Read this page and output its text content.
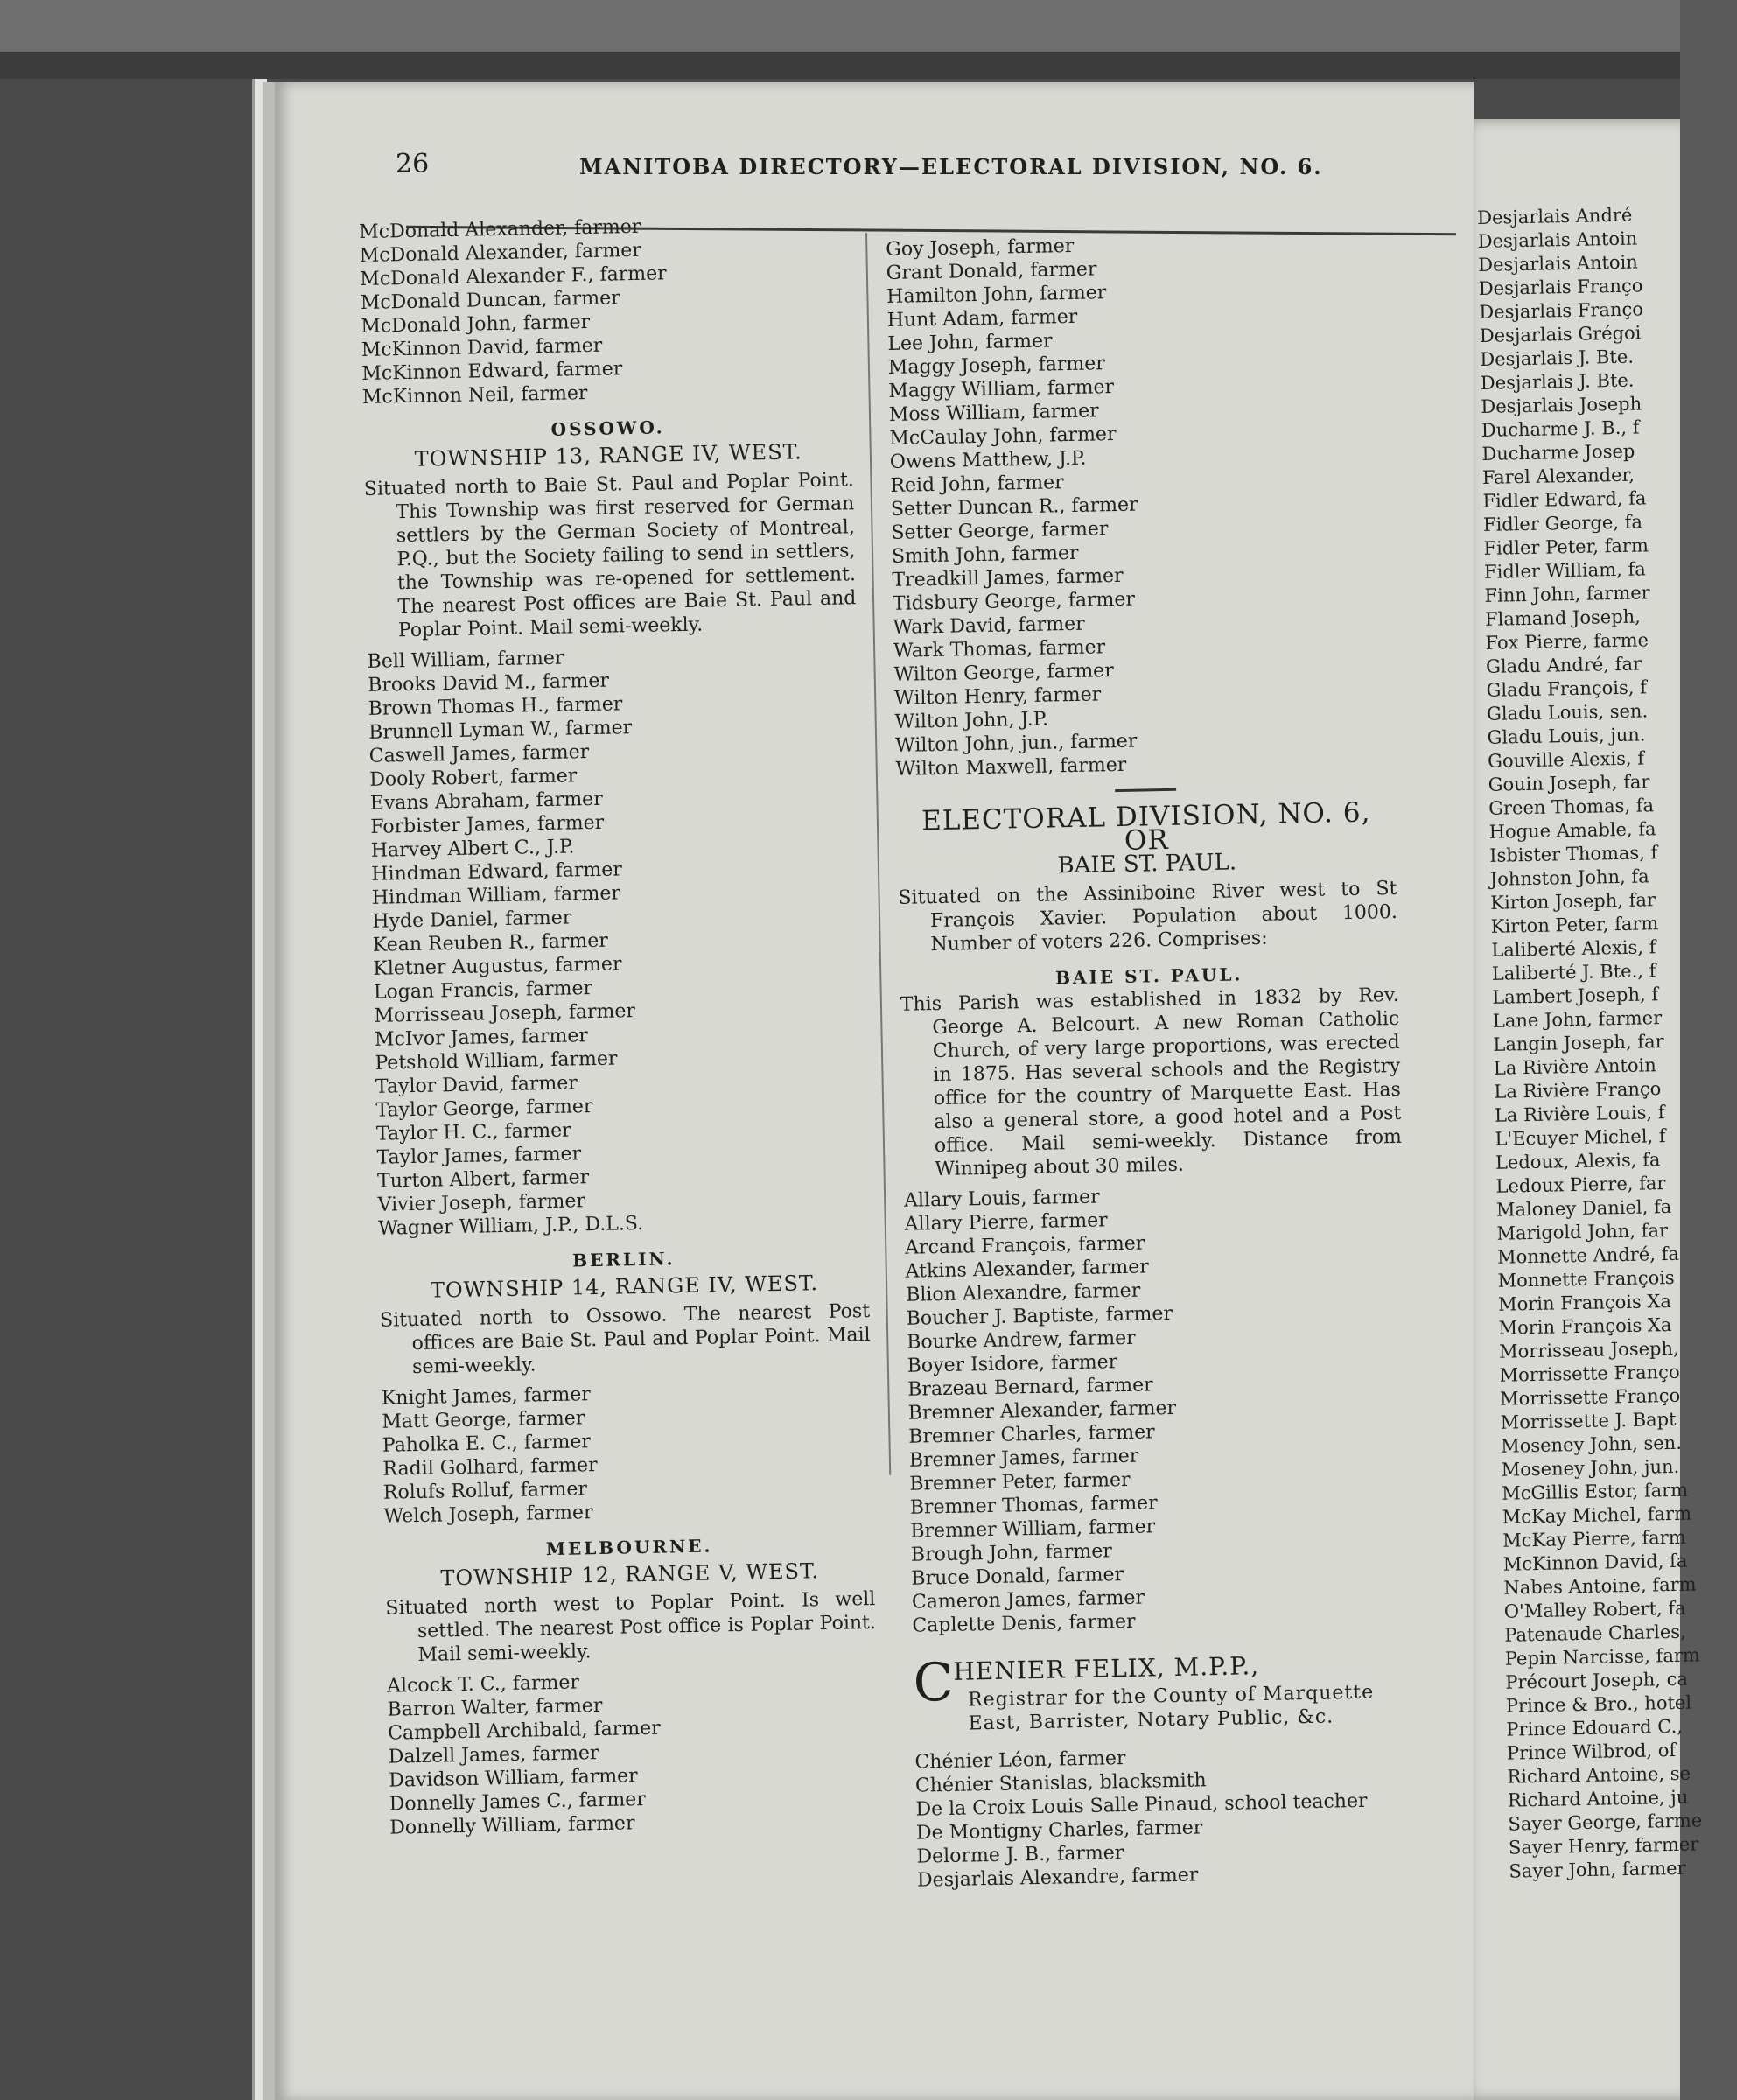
Desjarlais André
Desjarlais Antoin
Desjarlais Antoin
Desjarlais Franço
Desjarlais Franço
Desjarlais Grégoi
Desjarlais J. Bte.
Desjarlais J. Bte.
Desjarlais Joseph
Ducharme J. B., f
Ducharme Josep
Farel Alexander,
Fidler Edward, fa
Fidler George, fa
Fidler Peter, farm
Fidler William, fa
Finn John, farmer
Flamand Joseph,
Fox Pierre, farme
Gladu André, far
Gladu François, f
Gladu Louis, sen.
Gladu Louis, jun.
Gouville Alexis, f
Gouin Joseph, far
Green Thomas, fa
Hogue Amable, fa
Isbister Thomas, f
Johnston John, fa
Kirton Joseph, far
Kirton Peter, farm
Laliberté Alexis, f
Laliberté J. Bte., f
Lambert Joseph, f
Lane John, farmer
Langin Joseph, far
La Rivière Antoin
La Rivière Franço
La Rivière Louis, f
L'Ecuyer Michel, f
Ledoux, Alexis, fa
Ledoux Pierre, far
Maloney Daniel, fa
Marigold John, far
Monnette André, fa
Monnette François
Morin François Xa
Morin François Xa
Morrisseau Joseph,
Morrissette Franço
Morrissette Franço
Morrissette J. Bapt
Moseney John, sen.
Moseney John, jun.
McGillis Estor, farm
McKay Michel, farm
McKay Pierre, farm
McKinnon David, fa
Nabes Antoine, farm
O'Malley Robert, fa
Patenaude Charles,
Pepin Narcisse, farm
Précourt Joseph, ca
Prince & Bro., hotel
Prince Edouard C.,
Prince Wilbrod, of
Richard Antoine, se
Richard Antoine, ju
Sayer George, farme
Sayer Henry, farmer
Sayer John, farmer
26	MANITOBA DIRECTORY—ELECTORAL DIVISION, NO. 6.
McDonald Alexander, farmer
McDonald Alexander, farmer
McDonald Alexander F., farmer
McDonald Duncan, farmer
McDonald John, farmer
McKinnon David, farmer
McKinnon Edward, farmer
McKinnon Neil, farmer
OSSOWO.
TOWNSHIP 13, RANGE IV, WEST.
Situated north to Baie St. Paul and Poplar Point. This Township was first reserved for German settlers by the German Society of Montreal, P.Q., but the Society failing to send in settlers, the Township was re-opened for settlement. The nearest Post offices are Baie St. Paul and Poplar Point. Mail semi-weekly.
Bell William, farmer
Brooks David M., farmer
Brown Thomas H., farmer
Brunnell Lyman W., farmer
Caswell James, farmer
Dooly Robert, farmer
Evans Abraham, farmer
Forbister James, farmer
Harvey Albert C., J.P.
Hindman Edward, farmer
Hindman William, farmer
Hyde Daniel, farmer
Kean Reuben R., farmer
Kletner Augustus, farmer
Logan Francis, farmer
Morrisseau Joseph, farmer
McIvor James, farmer
Petshold William, farmer
Taylor David, farmer
Taylor George, farmer
Taylor H. C., farmer
Taylor James, farmer
Turton Albert, farmer
Vivier Joseph, farmer
Wagner William, J.P., D.L.S.
BERLIN.
TOWNSHIP 14, RANGE IV, WEST.
Situated north to Ossowo. The nearest Post offices are Baie St. Paul and Poplar Point. Mail semi-weekly.
Knight James, farmer
Matt George, farmer
Paholka E. C., farmer
Radil Golhard, farmer
Rolufs Rolluf, farmer
Welch Joseph, farmer
MELBOURNE.
TOWNSHIP 12, RANGE V, WEST.
Situated north west to Poplar Point. Is well settled. The nearest Post office is Poplar Point. Mail semi-weekly.
Alcock T. C., farmer
Barron Walter, farmer
Campbell Archibald, farmer
Dalzell James, farmer
Davidson William, farmer
Donnelly James C., farmer
Donnelly William, farmer
Goy Joseph, farmer
Grant Donald, farmer
Hamilton John, farmer
Hunt Adam, farmer
Lee John, farmer
Maggy Joseph, farmer
Maggy William, farmer
Moss William, farmer
McCaulay John, farmer
Owens Matthew, J.P.
Reid John, farmer
Setter Duncan R., farmer
Setter George, farmer
Smith John, farmer
Treadkill James, farmer
Tidsbury George, farmer
Wark David, farmer
Wark Thomas, farmer
Wilton George, farmer
Wilton Henry, farmer
Wilton John, J.P.
Wilton John, jun., farmer
Wilton Maxwell, farmer
ELECTORAL DIVISION, NO. 6, OR
BAIE ST. PAUL.
Situated on the Assiniboine River west to St François Xavier. Population about 1000. Number of voters 226. Comprises:
BAIE ST. PAUL.
This Parish was established in 1832 by Rev. George A. Belcourt. A new Roman Catholic Church, of very large proportions, was erected in 1875. Has several schools and the Registry office for the country of Marquette East. Has also a general store, a good hotel and a Post office. Mail semi-weekly. Distance from Winnipeg about 30 miles.
Allary Louis, farmer
Allary Pierre, farmer
Arcand François, farmer
Atkins Alexander, farmer
Blion Alexandre, farmer
Boucher J. Baptiste, farmer
Bourke Andrew, farmer
Boyer Isidore, farmer
Brazeau Bernard, farmer
Bremner Alexander, farmer
Bremner Charles, farmer
Bremner James, farmer
Bremner Peter, farmer
Bremner Thomas, farmer
Bremner William, farmer
Brough John, farmer
Bruce Donald, farmer
Cameron James, farmer
Caplette Denis, farmer
C
HENIER FELIX, M.P.P.,
Registrar for the County of Marquette East, Barrister, Notary Public, &c.
Chénier Léon, farmer
Chénier Stanislas, blacksmith
De la Croix Louis Salle Pinaud, school teacher
De Montigny Charles, farmer
Delorme J. B., farmer
Desjarlais Alexandre, farmer
